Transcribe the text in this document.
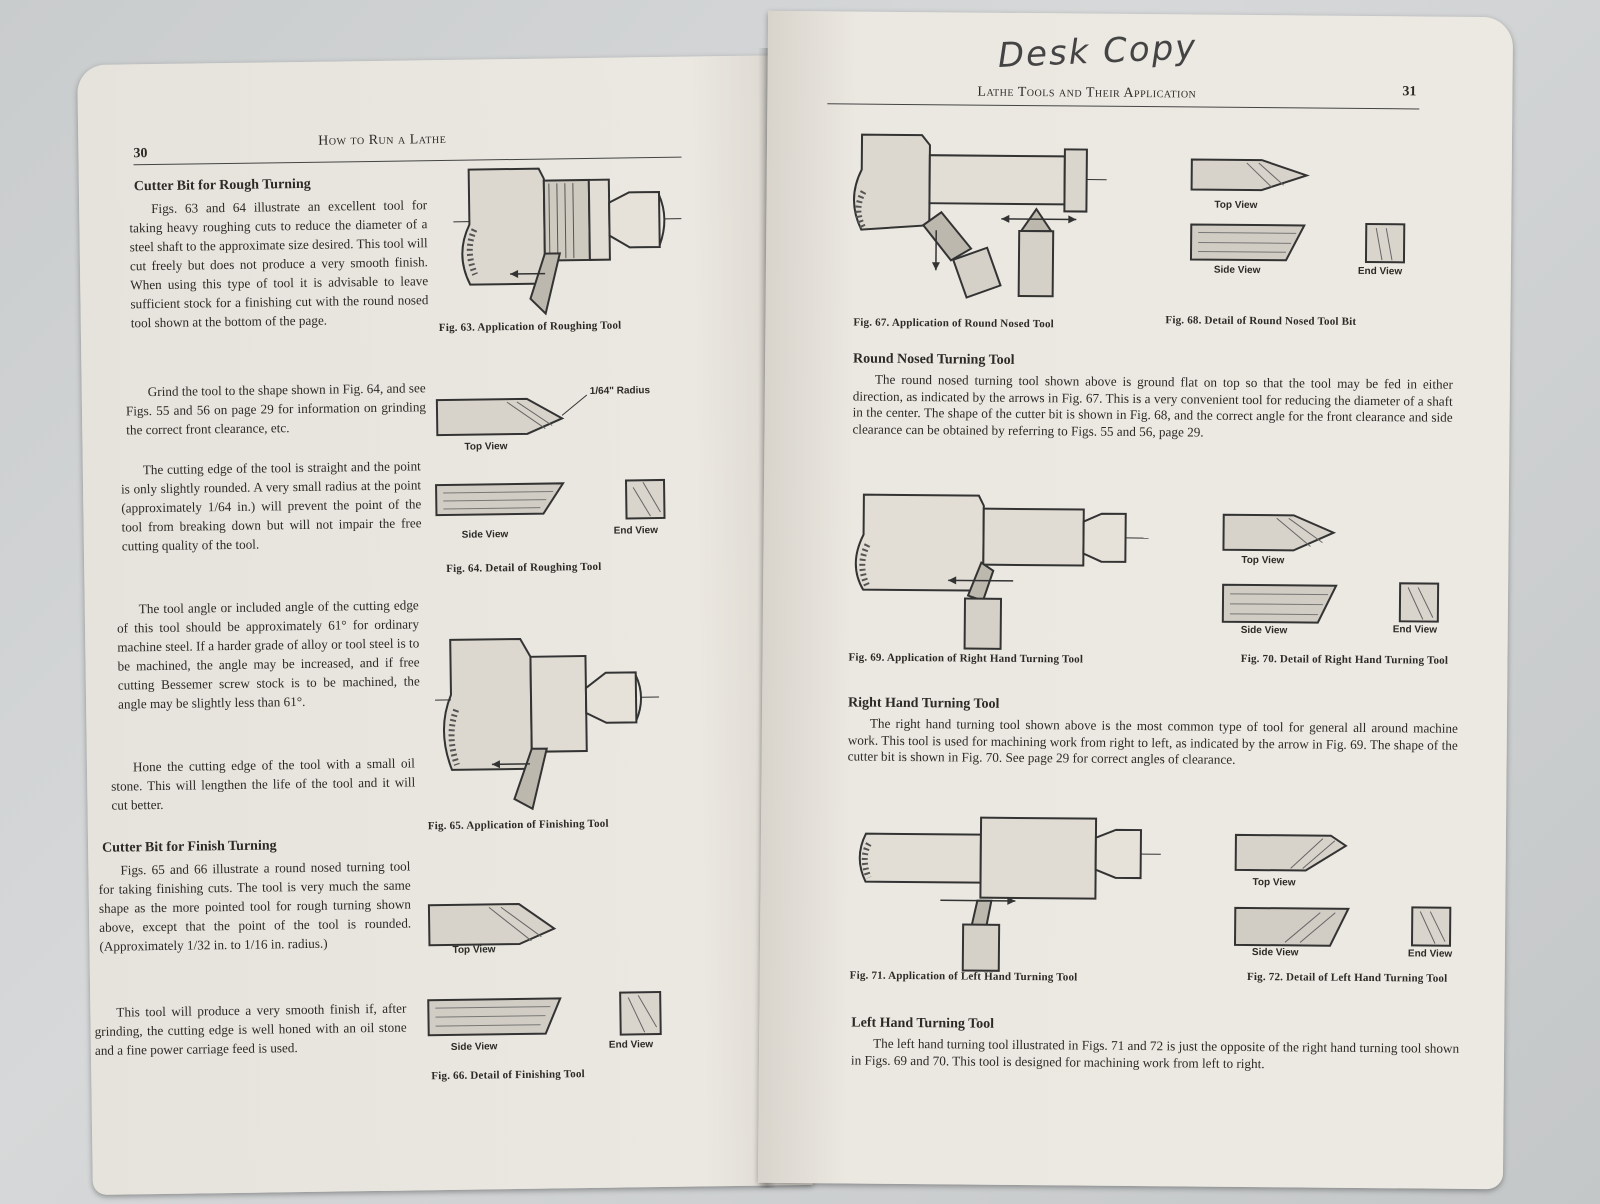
30
How to Run a Lathe
Cutter Bit for Rough Turning

Figs. 63 and 64 illustrate an excellent tool for taking heavy roughing cuts to reduce the diameter of a steel shaft to the approximate size desired. This tool will cut freely but does not produce a very smooth finish. When using this type of tool it is advisable to leave sufficient stock for a finishing cut with the round nosed tool shown at the bottom of the page.

Grind the tool to the shape shown in Fig. 64, and see Figs. 55 and 56 on page 29 for information on grinding the correct front clearance, etc.

The cutting edge of the tool is straight and the point is only slightly rounded. A very small radius at the point (approximately 1/64 in.) will prevent the point of the tool from breaking down but will not impair the free cutting quality of the tool.

The tool angle or included angle of the cutting edge of this tool should be approximately 61° for ordinary machine steel. If a harder grade of alloy or tool steel is to be machined, the angle may be increased, and if free cutting Bessemer screw stock is to be machined, the angle may be slightly less than 61°.

Hone the cutting edge of the tool with a small oil stone. This will lengthen the life of the tool and it will cut better.

Cutter Bit for Finish Turning

Figs. 65 and 66 illustrate a round nosed turning tool for taking finishing cuts. The tool is very much the same shape as the more pointed tool for rough turning shown above, except that the point of the tool is rounded. (Approximately 1/32 in. to 1/16 in. radius.)

This tool will produce a very smooth finish if, after grinding, the cutting edge is well honed with an oil stone and a fine power carriage feed is used.

Fig. 63. Application of Roughing Tool
1/64" Radius
Top View
Side View	End View
Fig. 64. Detail of Roughing Tool
Fig. 65. Application of Finishing Tool
Top View
Side View	End View
Fig. 66. Detail of Finishing Tool
Desk Copy
Lathe Tools and Their Application	31
Fig. 67. Application of Round Nosed Tool
Top View
Side View	End View
Fig. 68. Detail of Round Nosed Tool Bit
Round Nosed Turning Tool

The round nosed turning tool shown above is ground flat on top so that the tool may be fed in either direction, as indicated by the arrows in Fig. 67. This is a very convenient tool for reducing the diameter of a shaft in the center. The shape of the cutter bit is shown in Fig. 68, and the correct angle for the front clearance and side clearance can be obtained by referring to Figs. 55 and 56, page 29.

Fig. 69. Application of Right Hand Turning Tool
Top View
Side View	End View
Fig. 70. Detail of Right Hand Turning Tool
Right Hand Turning Tool

The right hand turning tool shown above is the most common type of tool for general all around machine work. This tool is used for machining work from right to left, as indicated by the arrow in Fig. 69. The shape of the cutter bit is shown in Fig. 70. See page 29 for correct angles of clearance.

Fig. 71. Application of Left Hand Turning Tool
Top View
Side View	End View
Fig. 72. Detail of Left Hand Turning Tool
Left Hand Turning Tool

The left hand turning tool illustrated in Figs. 71 and 72 is just the opposite of the right hand turning tool shown in Figs. 69 and 70. This tool is designed for machining work from left to right.
